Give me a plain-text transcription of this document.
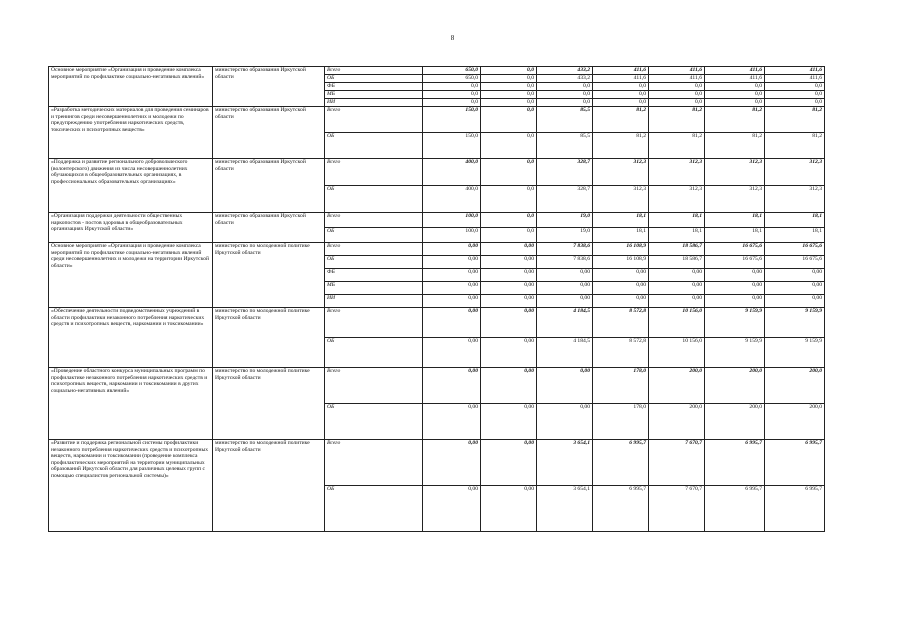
8
Основное мероприятие «Организация и проведение комплекса мероприятий по профилактике социально-негативных явлений»	министерство образования Иркутской области	Всего	650,0	0,0	433,2	411,6	411,6	411,6	411,6
		ОБ	650,0	0,0	433,2	411,6	411,6	411,6	411,6
		ФБ	0,0	0,0	0,0	0,0	0,0	0,0	0,0
		МБ	0,0	0,0	0,0	0,0	0,0	0,0	0,0
		ИИ	0,0	0,0	0,0	0,0	0,0	0,0	0,0
«Разработка методических материалов для проведения семинаров и тренингов среди несовершеннолетних и молодежи по предупреждению употребления наркотических средств, токсических и психотропных веществ»	министерство образования Иркутской области	Всего	150,0	0,0	85,5	81,2	81,2	81,2	81,2
		ОБ	150,0	0,0	85,5	81,2	81,2	81,2	81,2
«Поддержка и развитие регионального добровольческого (волонтерского) движения из числа несовершеннолетних обучающихся в общеобразовательных организациях, в профессиональных образовательных организациях»	министерство образования Иркутской области	Всего	400,0	0,0	328,7	312,3	312,3	312,3	312,3
		ОБ	400,0	0,0	328,7	312,3	312,3	312,3	312,3
«Организация поддержки деятельности общественных наркопостов - постов здоровья в общеобразовательных организациях Иркутской области»	министерство образования Иркутской области	Всего	100,0	0,0	19,0	18,1	18,1	18,1	18,1
		ОБ	100,0	0,0	19,0	18,1	18,1	18,1	18,1
Основное мероприятие «Организация и проведение комплекса мероприятий по профилактике социально-негативных явлений среди несовершеннолетних и молодежи на территории Иркутской области»	министерство по молодежной политике Иркутской области	Всего	0,00	0,00	7 838,6	16 108,9	18 586,7	16 675,6	16 675,6
		ОБ	0,00	0,00	7 838,6	16 108,9	18 586,7	16 675,6	16 675,6
		ФБ	0,00	0,00	0,00	0,00	0,00	0,00	0,00
		МБ	0,00	0,00	0,00	0,00	0,00	0,00	0,00
		ИИ	0,00	0,00	0,00	0,00	0,00	0,00	0,00
«Обеспечение деятельности подведомственных учреждений в области профилактики незаконного потребления наркотических средств и психотропных веществ, наркомании и токсикомании»	министерство по молодежной политике Иркутской области	Всего	0,00	0,00	4 184,5	8 572,8	10 156,0	9 159,9	9 159,9
		ОБ	0,00	0,00	4 184,5	8 572,8	10 156,0	9 159,9	9 159,9
«Проведение областного конкурса муниципальных программ по профилактике незаконного потребления наркотических средств и психотропных веществ, наркомании и токсикомании в других социально-негативных явлений»	министерство по молодежной политике Иркутской области	Всего	0,00	0,00	0,00	178,0	200,0	200,0	200,0
		ОБ	0,00	0,00	0,00	178,0	200,0	200,0	200,0
«Развитие и поддержка региональной системы профилактики незаконного потребления наркотических средств и психотропных веществ, наркомании и токсикомании (проведение комплекса профилактических мероприятий на территории муниципальных образований Иркутской области для различных целевых групп с помощью специалистов региональной системы)»	министерство по молодежной политике Иркутской области	Всего	0,00	0,00	3 654,1	6 995,7	7 670,7	6 995,7	6 995,7
		ОБ	0,00	0,00	3 654,1	6 995,7	7 670,7	6 995,7	6 995,7
